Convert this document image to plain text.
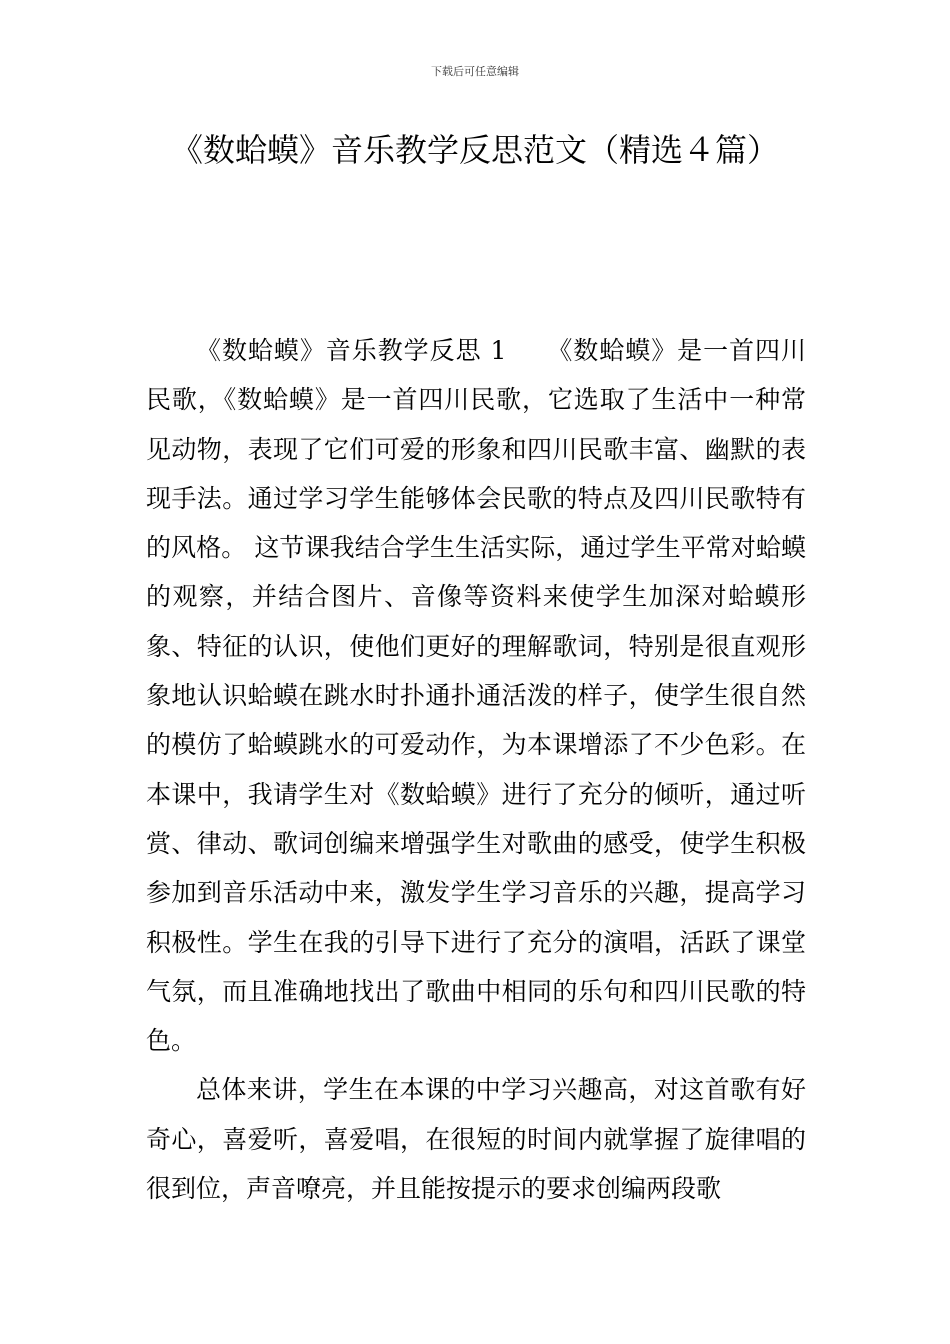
下载后可任意编辑
《数蛤蟆》音乐教学反思范文（精选４篇）

《数蛤蟆》音乐教学反思 1 《数蛤蟆》是一首四川民歌，《数蛤蟆》是一首四川民歌，它选取了生活中一种常见动物，表现了它们可爱的形象和四川民歌丰富、幽默的表现手法。通过学习学生能够体会民歌的特点及四川民歌特有的风格。 这节课我结合学生生活实际，通过学生平常对蛤蟆的观察，并结合图片、音像等资料来使学生加深对蛤蟆形象、特征的认识，使他们更好的理解歌词，特别是很直观形象地认识蛤蟆在跳水时扑通扑通活泼的样子，使学生很自然的模仿了蛤蟆跳水的可爱动作，为本课增添了不少色彩。在本课中，我请学生对《数蛤蟆》进行了充分的倾听，通过听赏、律动、歌词创编来增强学生对歌曲的感受，使学生积极参加到音乐活动中来，激发学生学习音乐的兴趣，提高学习积极性。学生在我的引导下进行了充分的演唱，活跃了课堂气氛，而且准确地找出了歌曲中相同的乐句和四川民歌的特色。

总体来讲，学生在本课的中学习兴趣高，对这首歌有好奇心，喜爱听，喜爱唱，在很短的时间内就掌握了旋律唱的很到位，声音嘹亮，并且能按提示的要求创编两段歌
